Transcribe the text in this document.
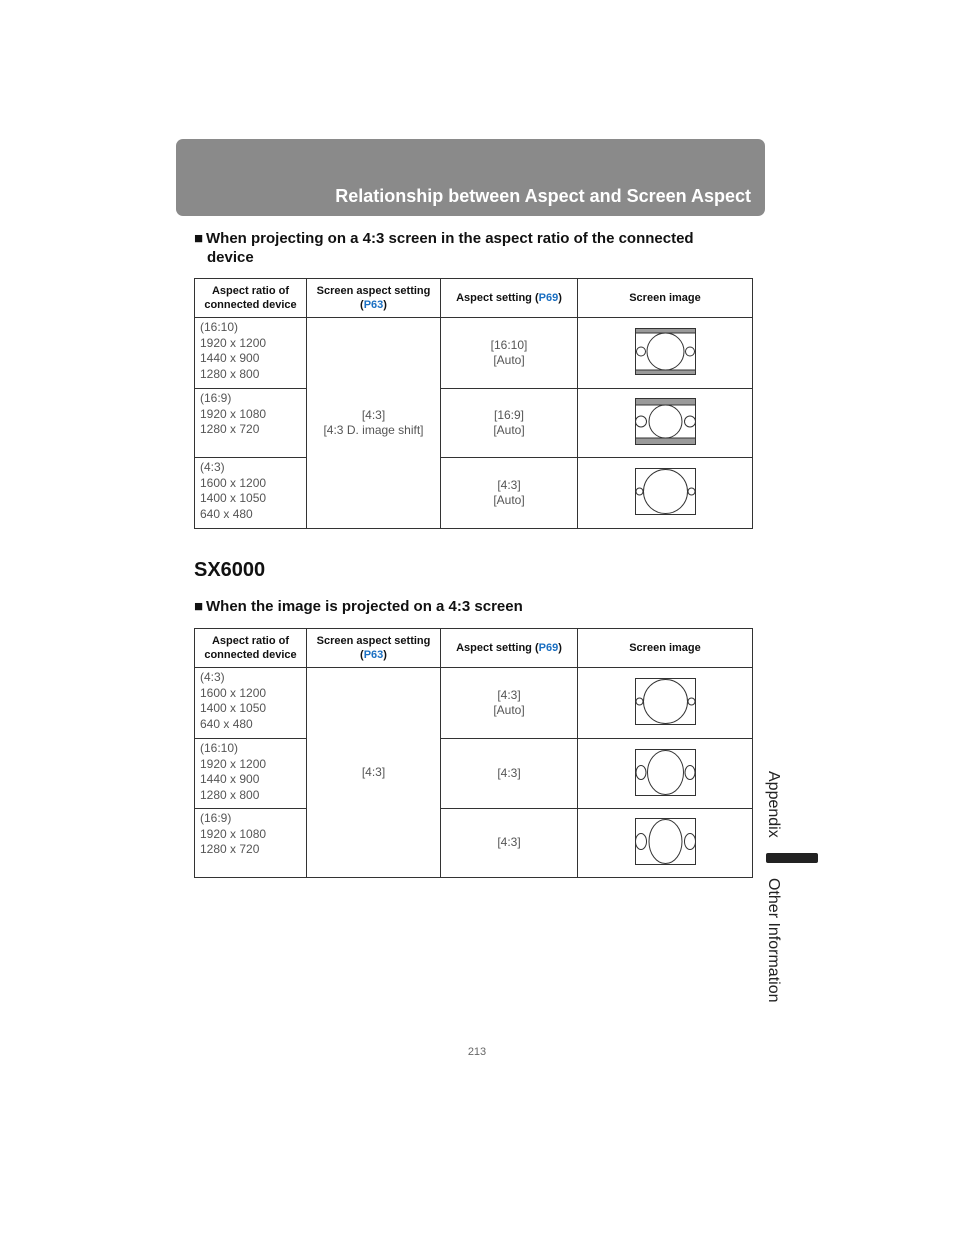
Relationship between Aspect and Screen Aspect
■ When projecting on a 4:3 screen in the aspect ratio of the connected
device
Aspect ratio of
connected device	Screen aspect setting
(P63)	Aspect setting (P69)	Screen image

(16:10)
1920 x 1200
1440 x 900
1280 x 800	[4:3]
[4:3 D. image shift]	[16:10]
[Auto]

(16:9)
1920 x 1080
1280 x 720		[16:9]
[Auto]

(4:3)
1600 x 1200
1400 x 1050
640 x 480		[4:3]
[Auto]

SX6000
■ When the image is projected on a 4:3 screen
Aspect ratio of
connected device	Screen aspect setting
(P63)	Aspect setting (P69)	Screen image

(4:3)
1600 x 1200
1400 x 1050
640 x 480	[4:3]	[4:3]
[Auto]

(16:10)
1920 x 1200
1440 x 900
1280 x 800		[4:3]

(16:9)
1920 x 1080
1280 x 720		[4:3]

Appendix
Other Information
213
